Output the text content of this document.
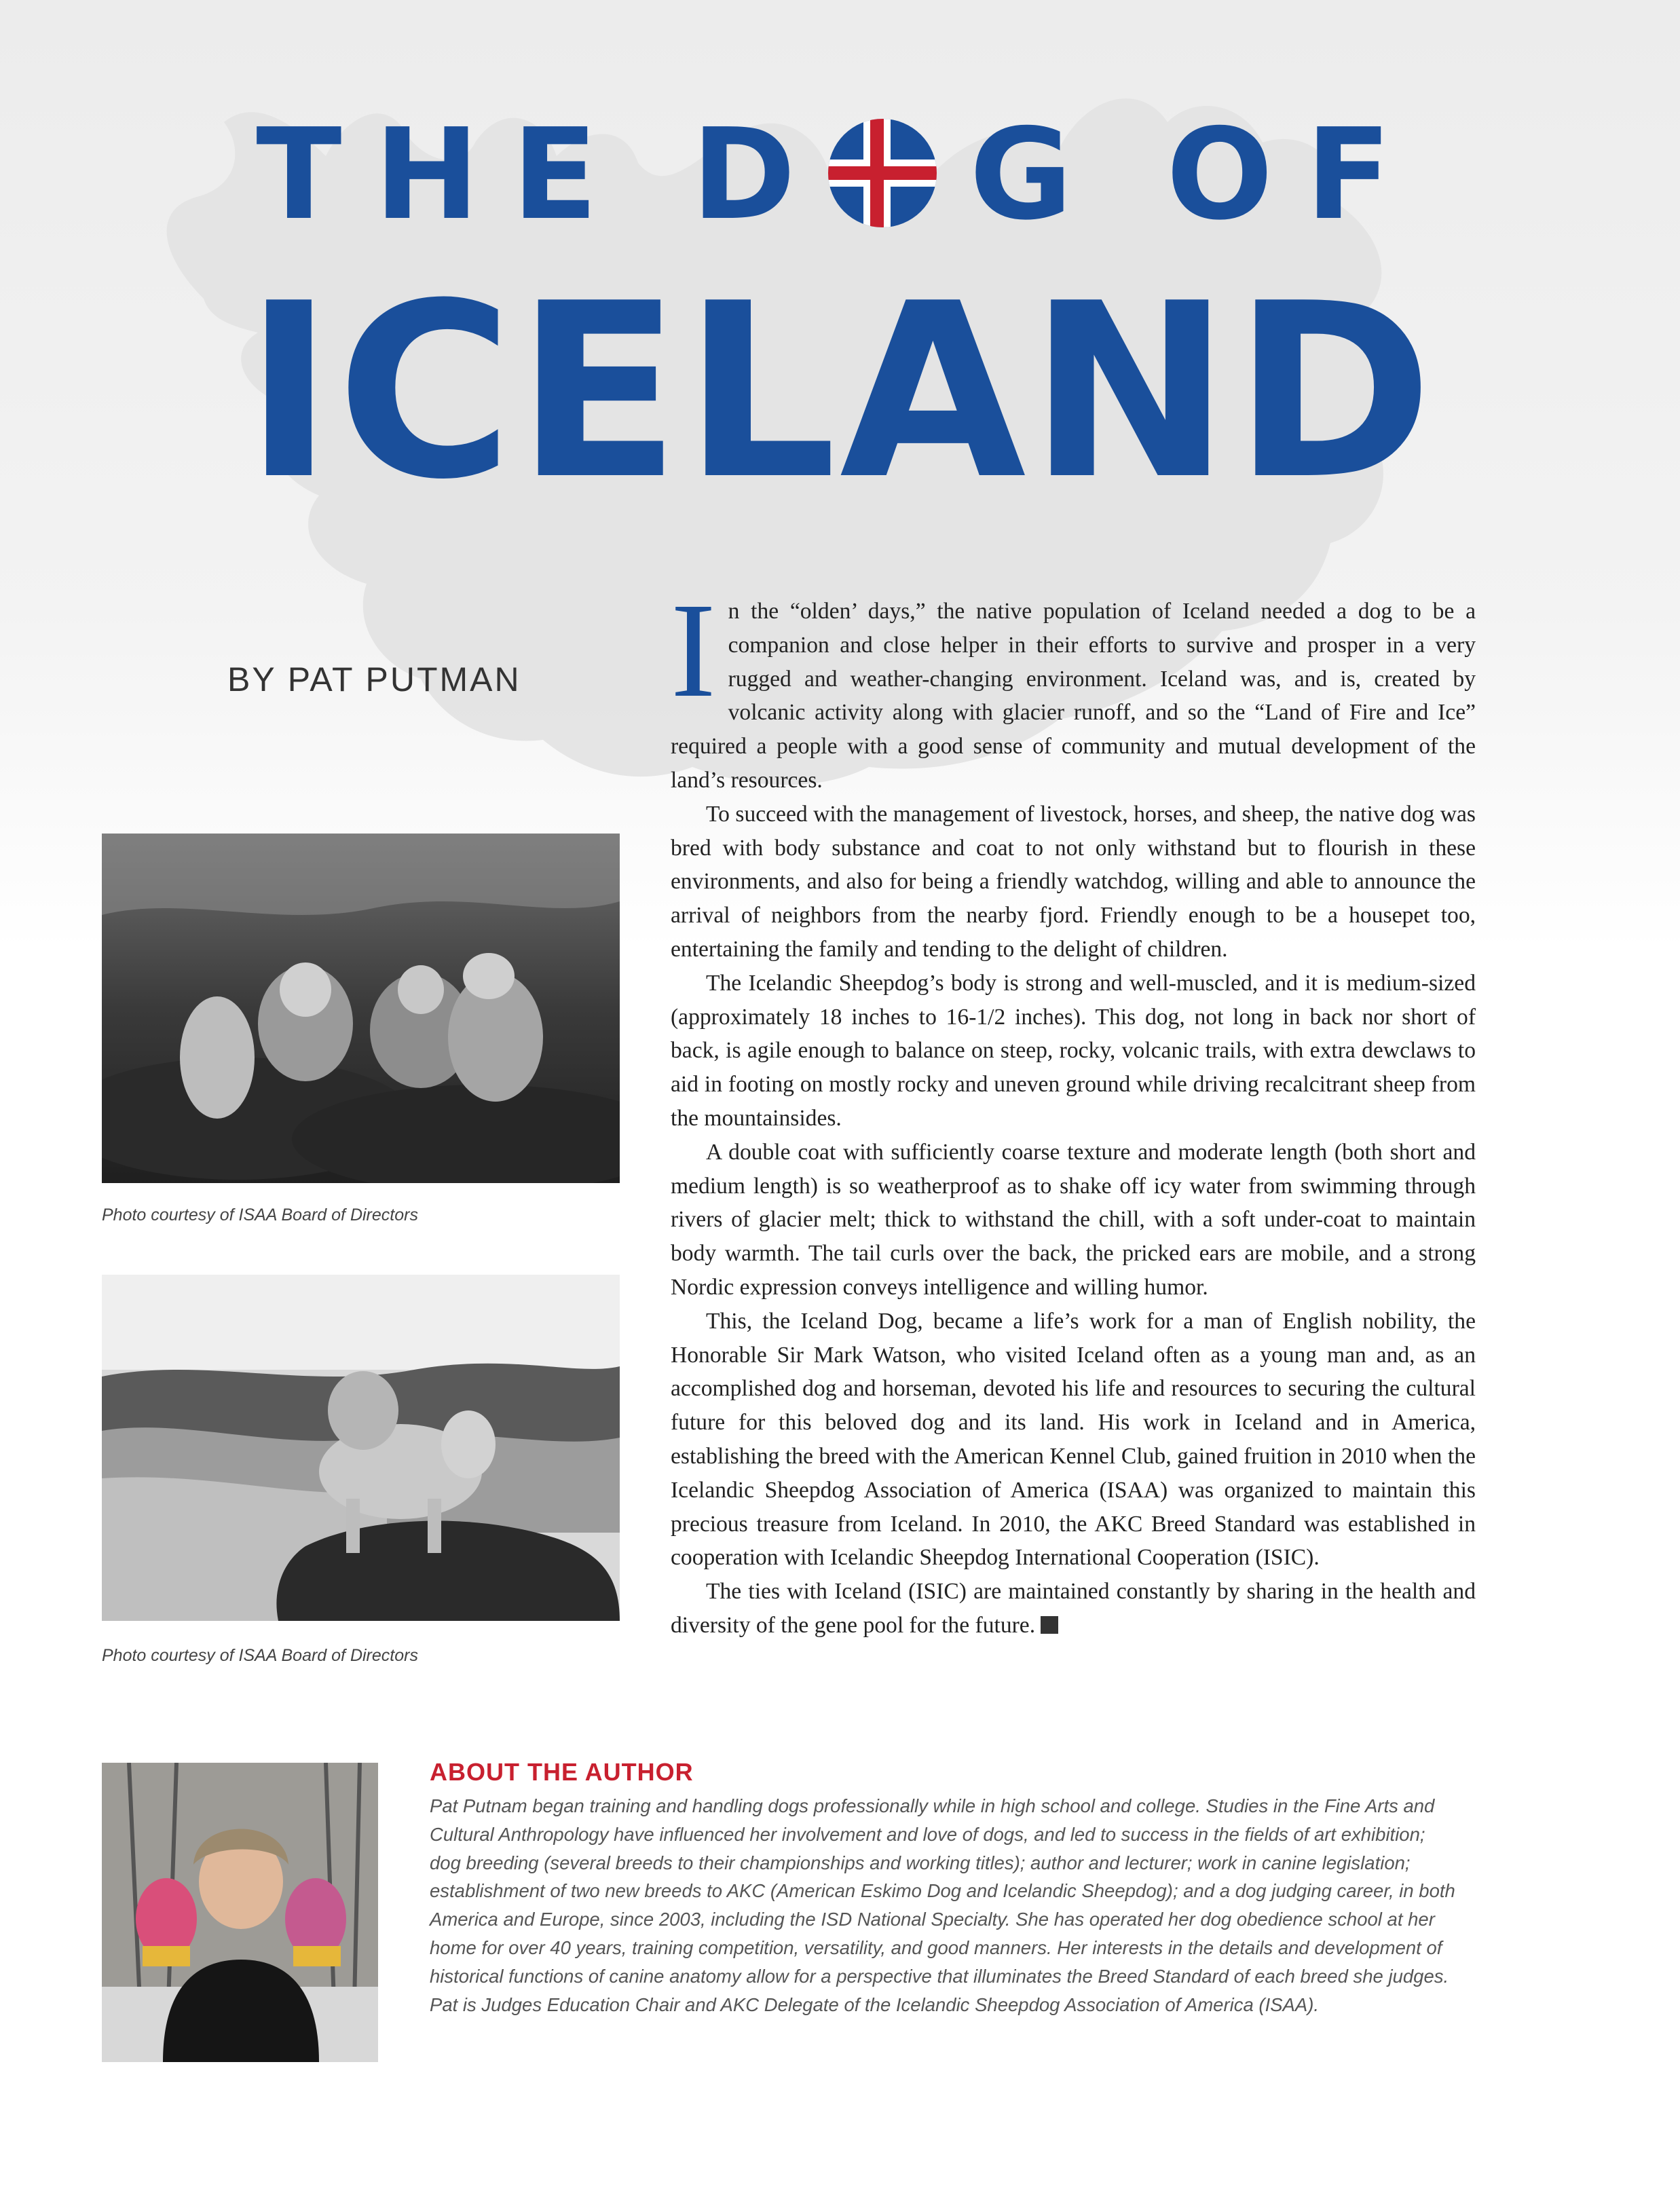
THE D G OF
ICELAND
BY PAT PUTMAN
Photo courtesy of ISAA Board of Directors
Photo courtesy of ISAA Board of Directors

In the “olden’ days,” the native population of Iceland needed a dog to be a companion and close helper in their efforts to survive and prosper in a very rugged and weather-changing environment. Iceland was, and is, created by volcanic activity along with glacier runoff, and so the “Land of Fire and Ice” required a people with a good sense of community and mutual development of the land’s resources.

To succeed with the management of livestock, horses, and sheep, the native dog was bred with body substance and coat to not only withstand but to flourish in these environments, and also for being a friendly watchdog, willing and able to announce the arrival of neighbors from the nearby fjord. Friendly enough to be a housepet too, entertaining the family and tending to the delight of children.

The Icelandic Sheepdog’s body is strong and well-muscled, and it is medium-sized (approximately 18 inches to 16-1/2 inches). This dog, not long in back nor short of back, is agile enough to balance on steep, rocky, volcanic trails, with extra dewclaws to aid in footing on mostly rocky and uneven ground while driving recalcitrant sheep from the mountainsides.

A double coat with sufficiently coarse texture and moderate length (both short and medium length) is so weatherproof as to shake off icy water from swimming through rivers of glacier melt; thick to withstand the chill, with a soft under-coat to maintain body warmth. The tail curls over the back, the pricked ears are mobile, and a strong Nordic expression conveys intelligence and willing humor.

This, the Iceland Dog, became a life’s work for a man of English nobility, the Honorable Sir Mark Watson, who visited Iceland often as a young man and, as an accomplished dog and horseman, devoted his life and resources to securing the cultural future for this beloved dog and its land. His work in Iceland and in America, establishing the breed with the American Kennel Club, gained fruition in 2010 when the Icelandic Sheepdog Association of America (ISAA) was organized to maintain this precious treasure from Iceland. In 2010, the AKC Breed Standard was established in cooperation with Icelandic Sheepdog International Cooperation (ISIC).

The ties with Iceland (ISIC) are maintained constantly by sharing in the health and diversity of the gene pool for the future.

ABOUT THE AUTHOR
Pat Putnam began training and handling dogs professionally while in high school and college. Studies in the Fine Arts and Cultural Anthropology have influenced her involvement and love of dogs, and led to success in the fields of art exhibition; dog breeding (several breeds to their championships and working titles); author and lecturer; work in canine legislation; establishment of two new breeds to AKC (American Eskimo Dog and Icelandic Sheepdog); and a dog judging career, in both America and Europe, since 2003, including the ISD National Specialty. She has operated her dog obedience school at her home for over 40 years, training competition, versatility, and good manners. Her interests in the details and development of historical functions of canine anatomy allow for a perspective that illuminates the Breed Standard of each breed she judges. Pat is Judges Education Chair and AKC Delegate of the Icelandic Sheepdog Association of America (ISAA).
